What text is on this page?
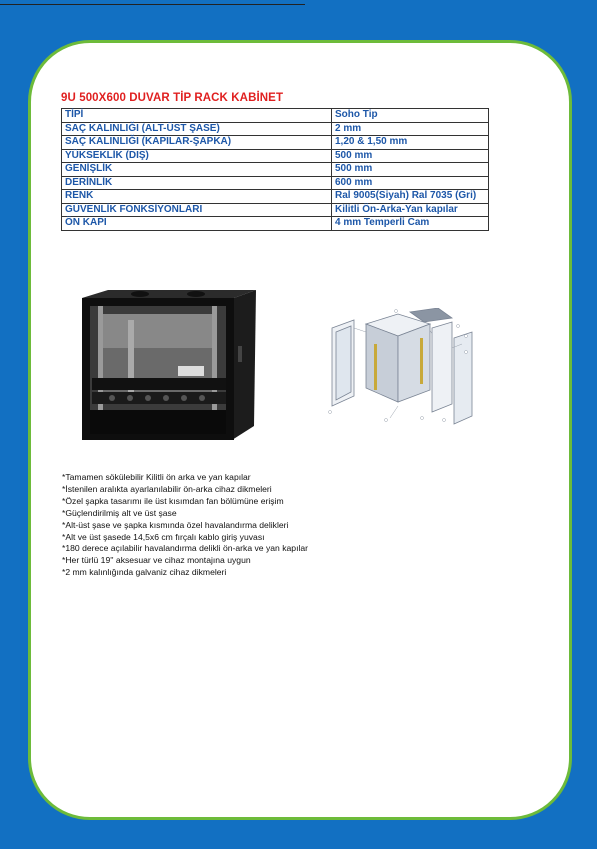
9U 500X600 DUVAR TİP RACK KABİNET
TİPİ	Soho Tip
SAÇ KALINLIĞI (ALT-ÜST ŞASE)	2 mm
SAÇ KALINLIĞI (KAPILAR-ŞAPKA)	1,20 & 1,50 mm
YÜKSEKLİK (DIŞ)	500 mm
GENİŞLİK	500 mm
DERİNLİK	600 mm
RENK	Ral 9005(Siyah) Ral 7035 (Gri)
GÜVENLİK FONKSİYONLARI	Kilitli Ön-Arka-Yan kapılar
ÖN KAPI	4 mm Temperli Cam
*Tamamen sökülebilir Kilitli ön arka ve yan kapılar
*İstenilen aralıkta ayarlanılabilir ön-arka cihaz dikmeleri
*Özel şapka tasarımı ile üst kısımdan fan bölümüne erişim
*Güçlendirilmiş alt ve üst şase
*Alt-üst şase ve şapka kısmında özel havalandırma delikleri
*Alt ve üst şasede 14,5x6 cm fırçalı kablo giriş yuvası
*180 derece açılabilir havalandırma delikli ön-arka ve yan kapılar
*Her türlü 19'' aksesuar ve cihaz montajına uygun
*2 mm kalınlığında galvaniz cihaz dikmeleri
